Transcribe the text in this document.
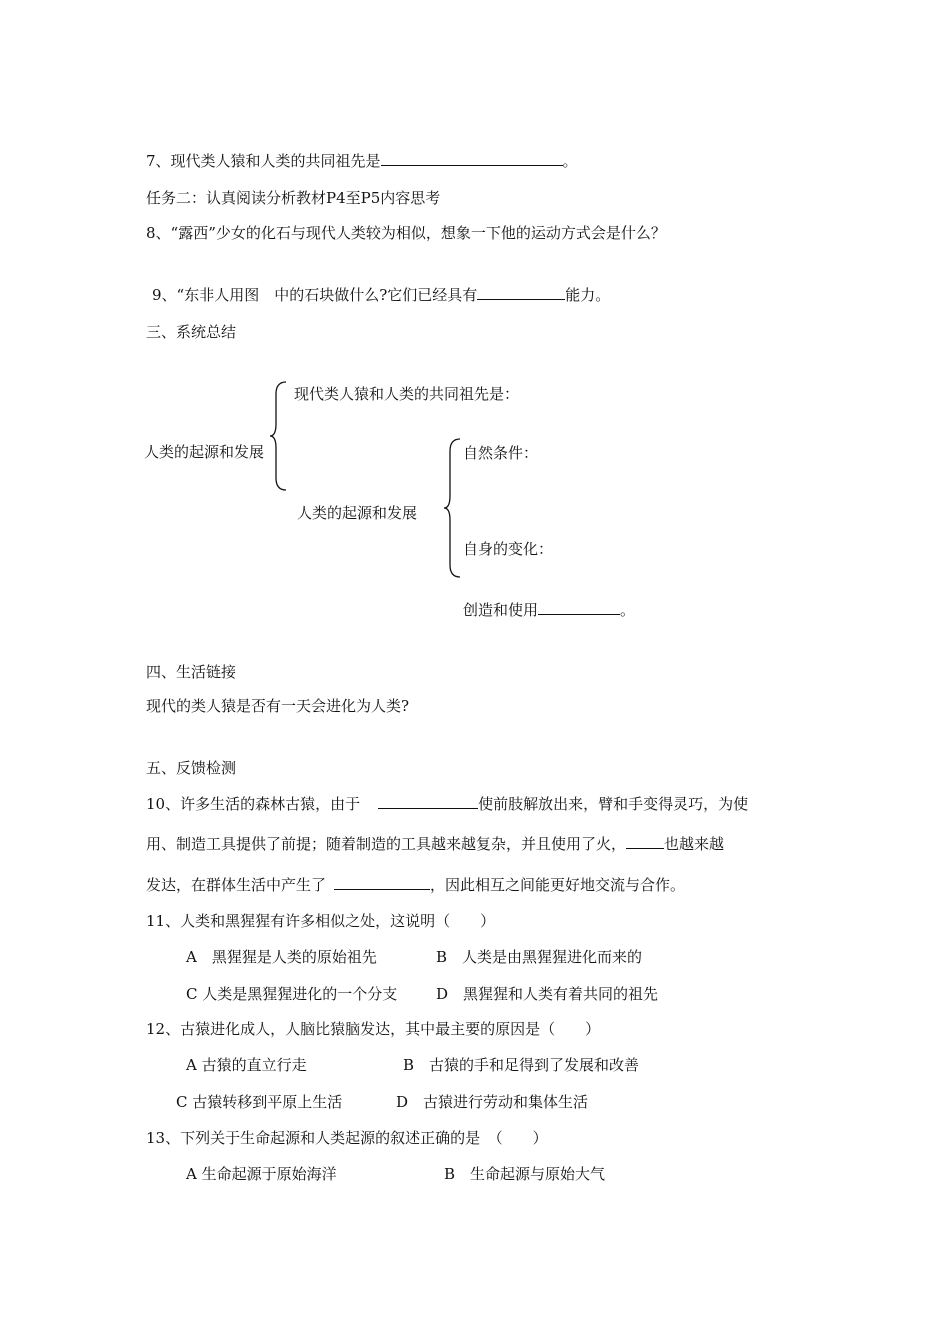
7、现代类人猿和人类的共同祖先是	。
任务二：认真阅读分析教材P4至P5内容思考
8、“露西”少女的化石与现代人类较为相似，想象一下他的运动方式会是什么？
9、“东非人用图　中的石块做什么?它们已经具有	能力。
三、系统总结
人类的起源和发展
现代类人猿和人类的共同祖先是：
人类的起源和发展
自然条件：
自身的变化：
创造和使用	。
四、生活链接
现代的类人猿是否有一天会进化为人类?
五、反馈检测
10、许多生活的森林古猿，由于	使前肢解放出来，臂和手变得灵巧，为使
用、制造工具提供了前提；随着制造的工具越来越复杂，并且使用了火，	也越来越
发达，在群体生活中产生了	，因此相互之间能更好地交流与合作。
11、人类和黑猩猩有许多相似之处，这说明（　　）
A　黑猩猩是人类的原始祖先	B　人类是由黑猩猩进化而来的
C 人类是黑猩猩进化的一个分支	D　黑猩猩和人类有着共同的祖先
12、古猿进化成人，人脑比猿脑发达，其中最主要的原因是（　　）
A 古猿的直立行走	B　古猿的手和足得到了发展和改善
C 古猿转移到平原上生活	D　古猿进行劳动和集体生活
13、下列关于生命起源和人类起源的叙述正确的是　（　　）
A 生命起源于原始海洋	B　生命起源与原始大气
